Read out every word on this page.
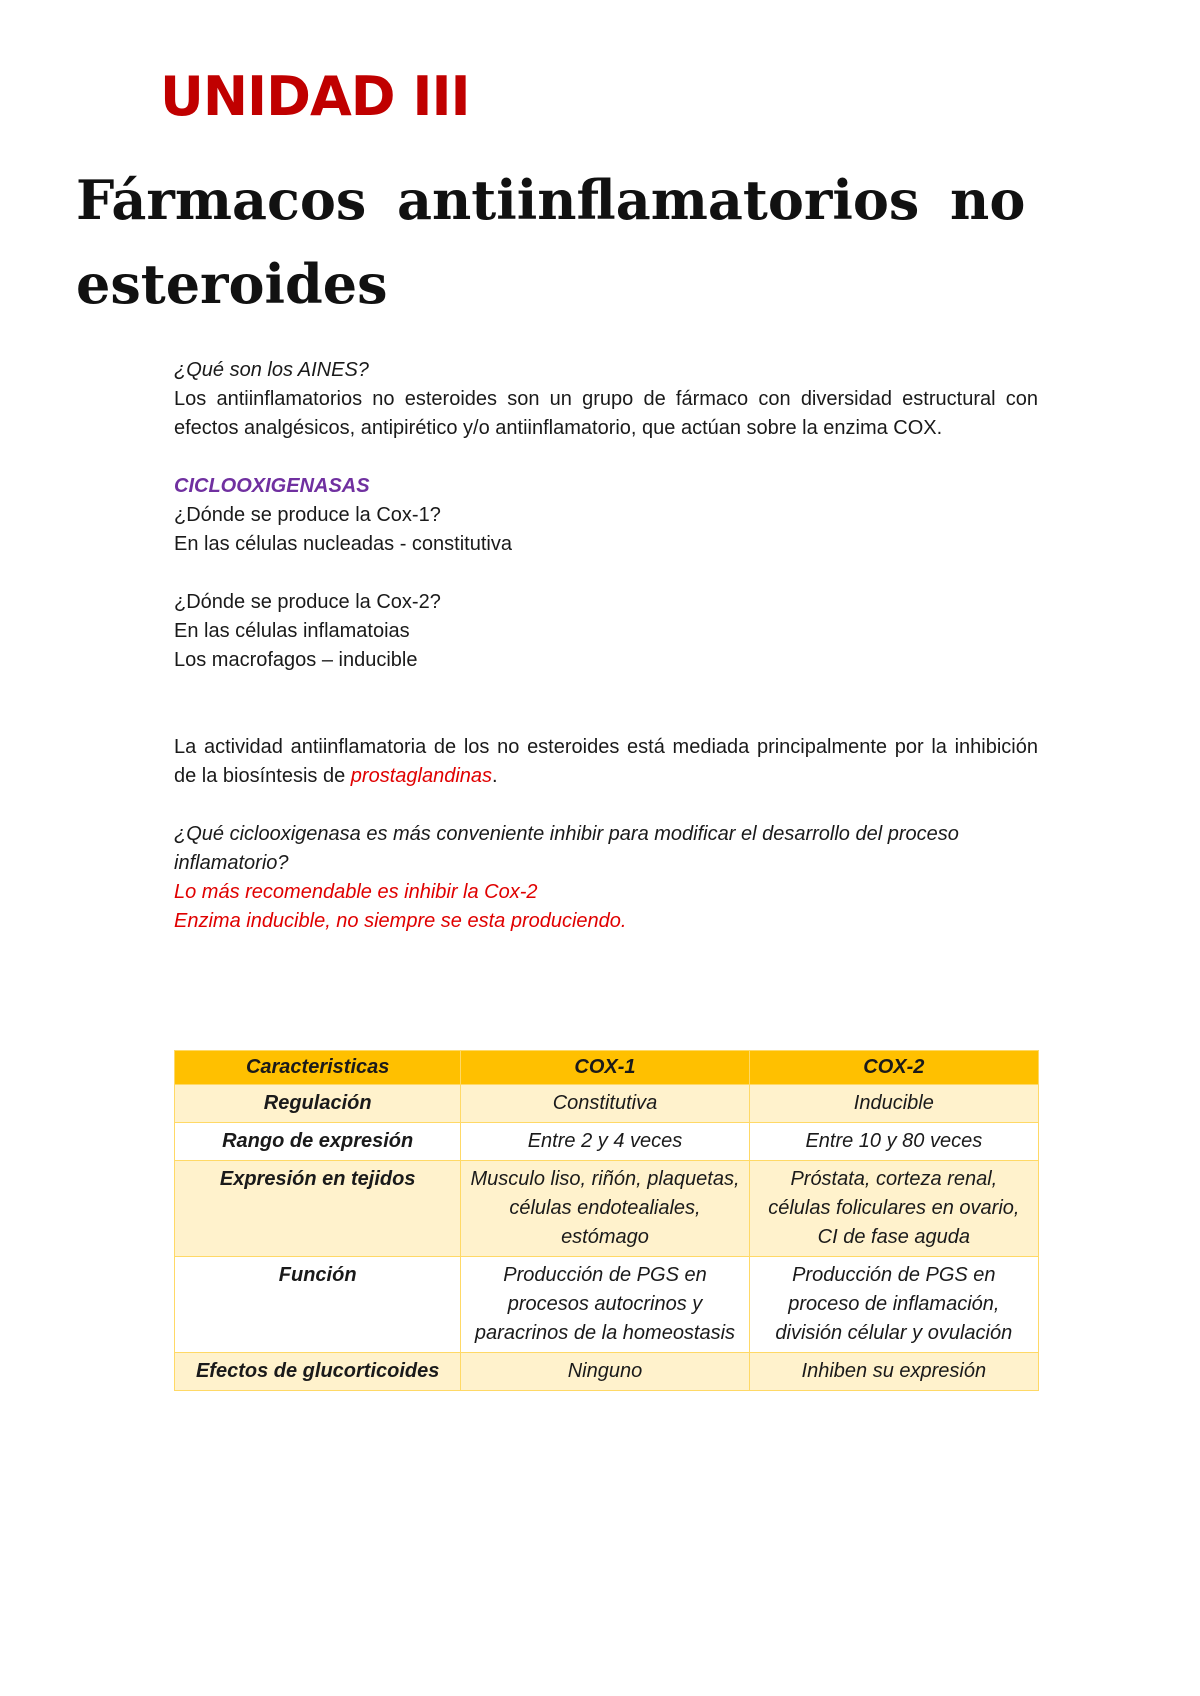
UNIDAD III
Fármacos antiinflamatorios no esteroides

¿Qué son los AINES?

Los antiinflamatorios no esteroides son un grupo de fármaco con diversidad estructural con efectos analgésicos, antipirético y/o antiinflamatorio, que actúan sobre la enzima COX.

CICLOOXIGENASAS

¿Dónde se produce la Cox-1?

En las células nucleadas - constitutiva

¿Dónde se produce la Cox-2?

En las células inflamatoias

Los macrofagos – inducible

La actividad antiinflamatoria de los no esteroides está mediada principalmente por la inhibición de la biosíntesis de prostaglandinas.

¿Qué ciclooxigenasa es más conveniente inhibir para modificar el desarrollo del proceso inflamatorio?

Lo más recomendable es inhibir la Cox-2

Enzima inducible, no siempre se esta produciendo.

Caracteristicas	COX-1	COX-2
Regulación	Constitutiva	Inducible
Rango de expresión	Entre 2 y 4 veces	Entre 10 y 80 veces
Expresión en tejidos	Musculo liso, riñón, plaquetas, células endotealiales, estómago	Próstata, corteza renal, células foliculares en ovario, CI de fase aguda
Función	Producción de PGS en procesos autocrinos y paracrinos de la homeostasis	Producción de PGS en proceso de inflamación, división célular y ovulación
Efectos de glucorticoides	Ninguno	Inhiben su expresión
